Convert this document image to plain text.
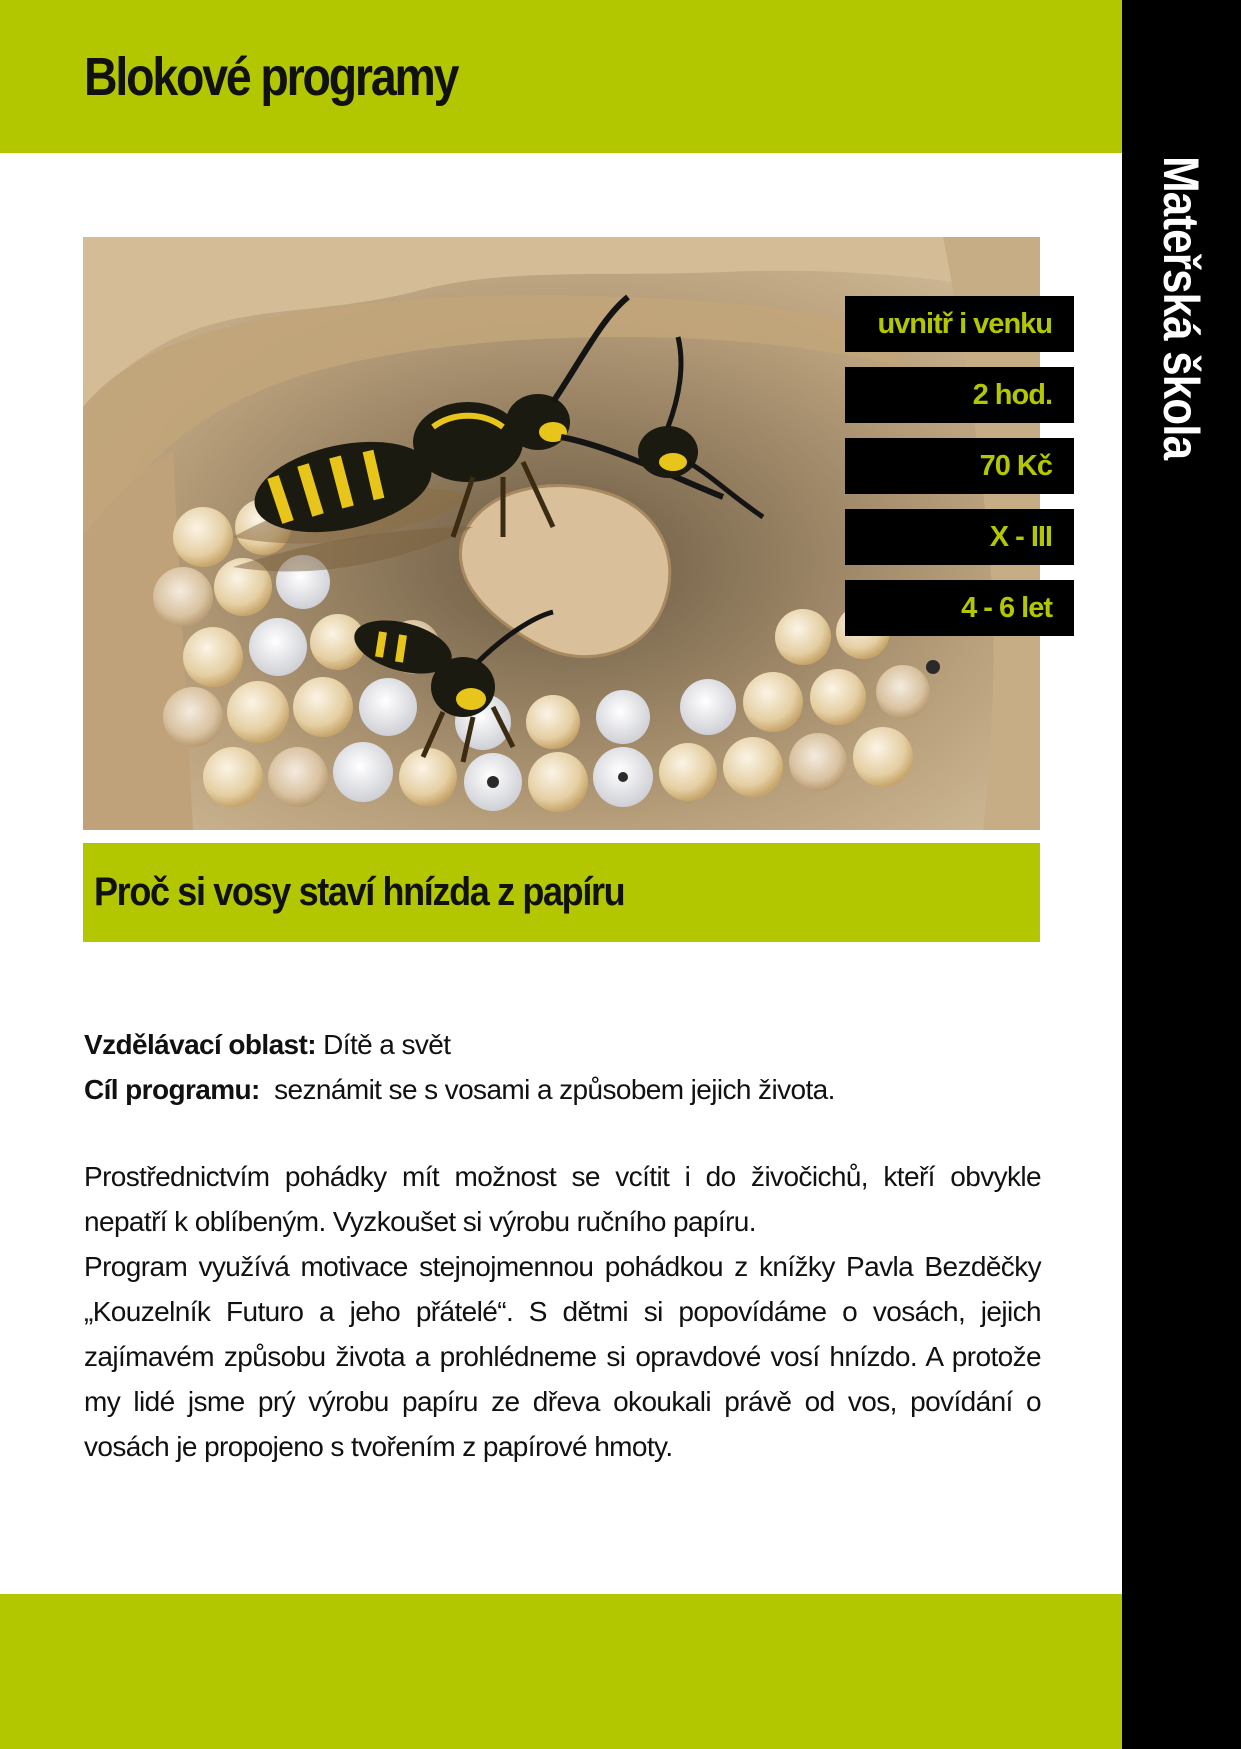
Blokové programy
Mateřská škola
uvnitř i venku
2 hod.
70 Kč
X - III
4 - 6 let
Proč si vosy staví hnízda z papíru
Vzdělávací oblast: Dítě a svět
Cíl programu: seznámit se s vosami a způsobem jejich života.

Prostřednictvím pohádky mít možnost se vcítit i do živočichů, kteří obvykle nepatří k oblíbeným. Vyzkoušet si výrobu ručního papíru.

Program využívá motivace stejnojmennou pohádkou z knížky Pavla Bezděčky „Kouzelník Futuro a jeho přátelé“. S dětmi si popovídáme o vosách, jejich zajímavém způsobu života a prohlédneme si opravdové vosí hnízdo. A protože my lidé jsme prý výrobu papíru ze dřeva okoukali právě od vos, povídání o vosách je propojeno s tvořením z papírové hmoty.
